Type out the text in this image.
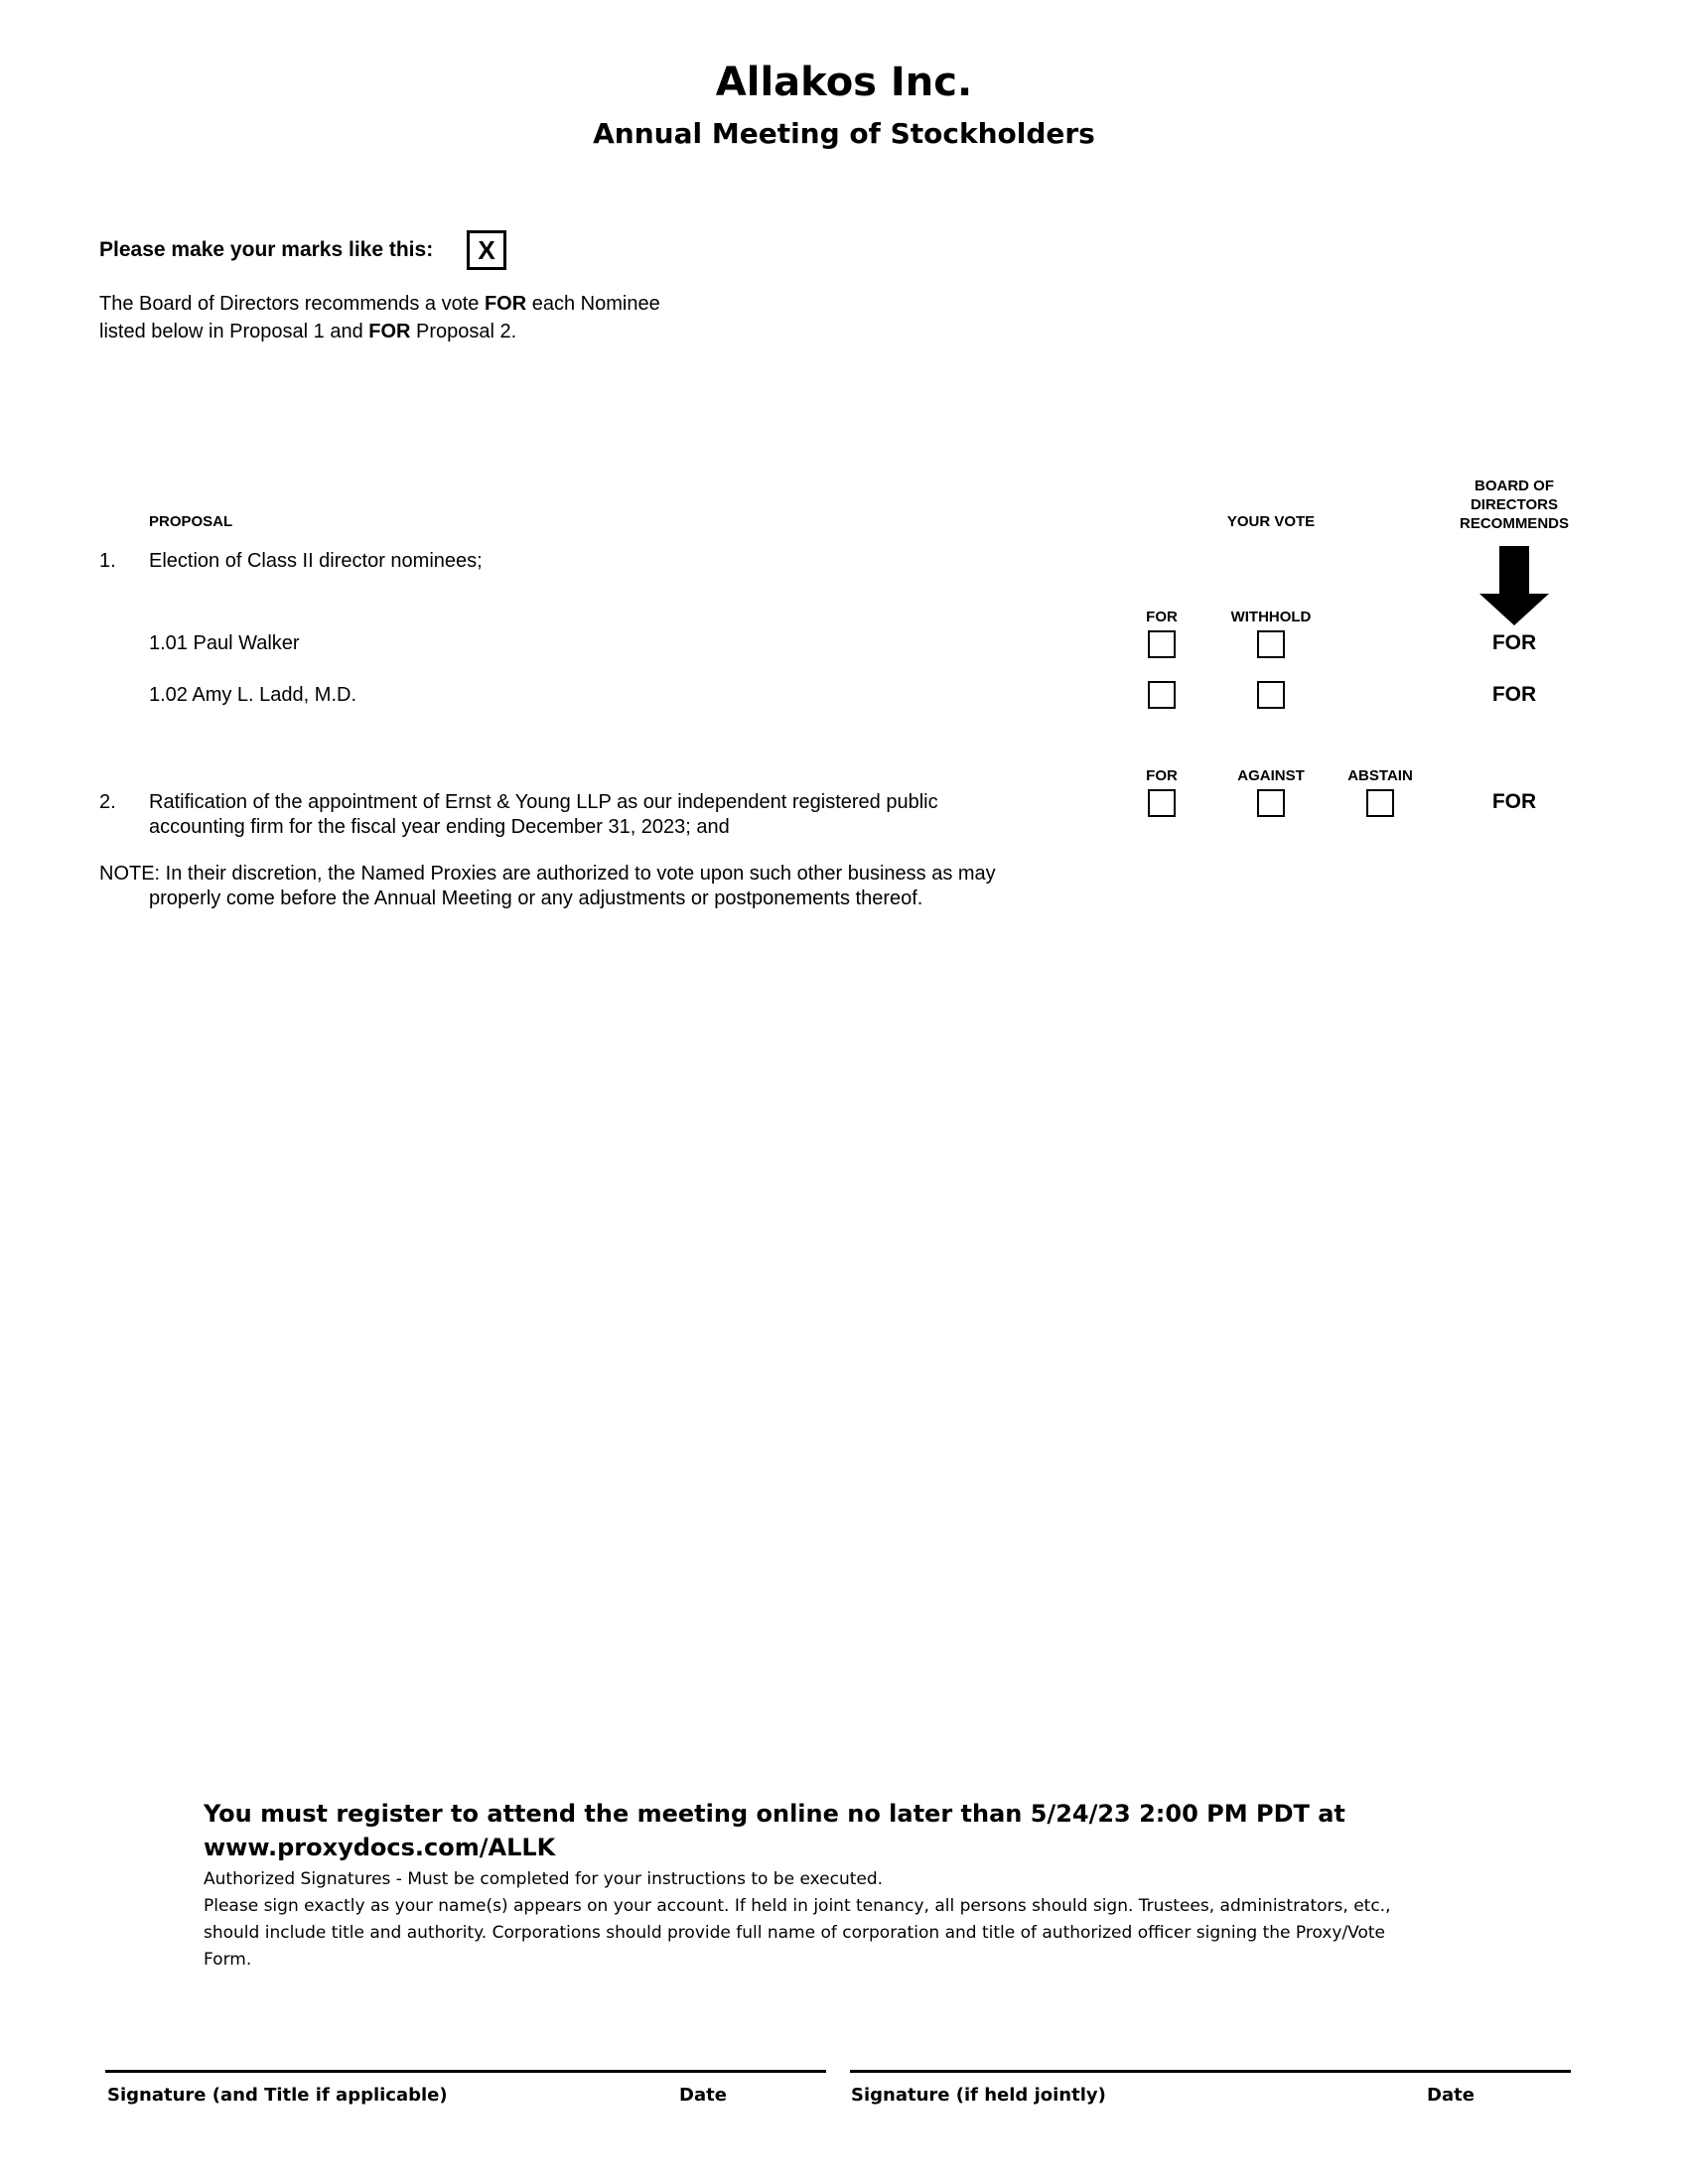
Allakos Inc.
Annual Meeting of Stockholders
Please make your marks like this:	X
The Board of Directors recommends a vote FOR each Nominee
listed below in Proposal 1 and FOR Proposal 2.
PROPOSAL	YOUR VOTE
BOARD OF
DIRECTORS
RECOMMENDS
1. Election of Class II director nominees;
FOR	WITHHOLD
1.01 Paul Walker	FOR
1.02 Amy L. Ladd, M.D.	FOR
FOR	AGAINST	ABSTAIN
2. Ratification of the appointment of Ernst & Young LLP as our independent registered public
accounting firm for the fiscal year ending December 31, 2023; and
FOR
NOTE: In their discretion, the Named Proxies are authorized to vote upon such other business as may
properly come before the Annual Meeting or any adjustments or postponements thereof.
You must register to attend the meeting online no later than 5/24/23 2:00 PM PDT at
www.proxydocs.com/ALLK
Authorized Signatures - Must be completed for your instructions to be executed.
Please sign exactly as your name(s) appears on your account. If held in joint tenancy, all persons should sign. Trustees, administrators, etc.,
should include title and authority. Corporations should provide full name of corporation and title of authorized officer signing the Proxy/Vote
Form.
Signature (and Title if applicable)	Date	Signature (if held jointly)	Date
